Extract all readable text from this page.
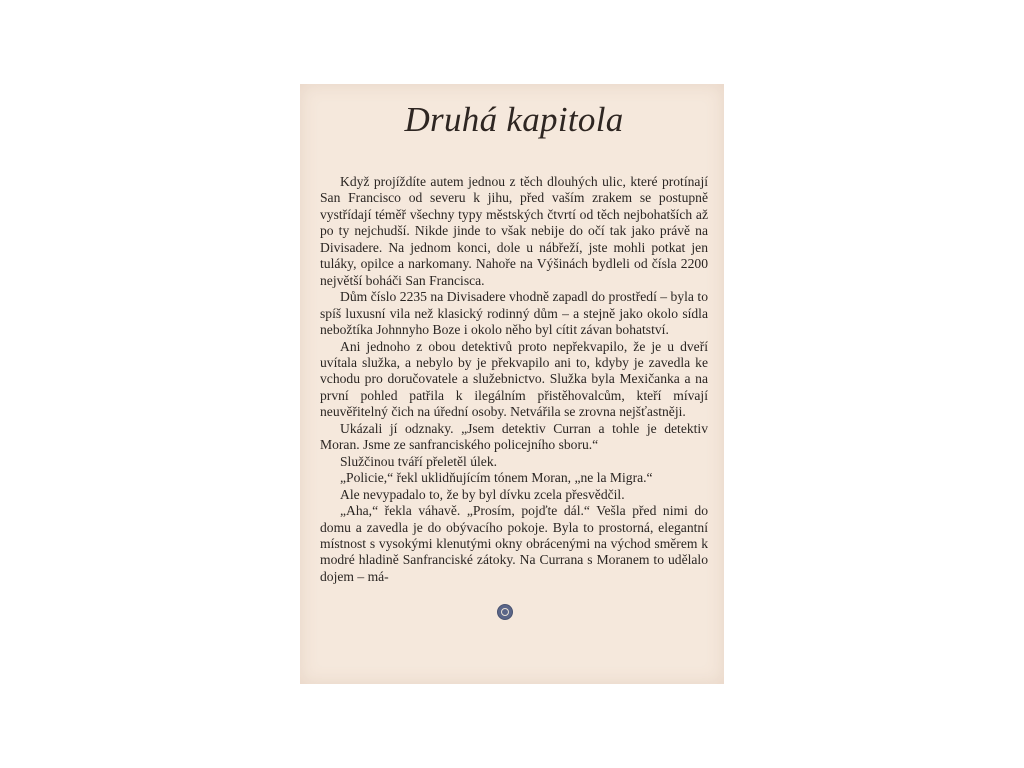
Druhá kapitola

Když projíždíte autem jednou z těch dlouhých ulic, které protínají San Francisco od severu k jihu, před vaším zrakem se postupně vystřídají téměř všechny typy městských čtvrtí od těch nejbohatších až po ty nejchudší. Nikde jinde to však nebije do očí tak jako právě na Divisadere. Na jednom konci, dole u nábřeží, jste mohli potkat jen tuláky, opilce a narkomany. Nahoře na Výšinách bydleli od čísla 2200 největší boháči San Francisca.

Dům číslo 2235 na Divisadere vhodně zapadl do prostředí – byla to spíš luxusní vila než klasický rodinný dům – a stejně jako okolo sídla nebožtíka Johnnyho Boze i okolo něho byl cítit závan bohatství.

Ani jednoho z obou detektivů proto nepřekvapilo, že je u dveří uvítala služka, a nebylo by je překvapilo ani to, kdyby je zavedla ke vchodu pro doručovatele a služebnictvo. Služka byla Mexičanka a na první pohled patřila k ilegálním přistěhovalcům, kteří mívají neuvěřitelný čich na úřední osoby. Netvářila se zrovna nejšťastněji.

Ukázali jí odznaky. „Jsem detektiv Curran a tohle je detektiv Moran. Jsme ze sanfranciského policejního sboru.“

Služčinou tváří přeletěl úlek.

„Policie,“ řekl uklidňujícím tónem Moran, „ne la Migra.“

Ale nevypadalo to, že by byl dívku zcela přesvědčil.

„Aha,“ řekla váhavě. „Prosím, pojďte dál.“ Vešla před nimi do domu a zavedla je do obývacího pokoje. Byla to prostorná, elegantní místnost s vysokými klenutými okny obrácenými na východ směrem k modré hladině Sanfranciské zátoky. Na Currana s Moranem to udělalo dojem – má-
